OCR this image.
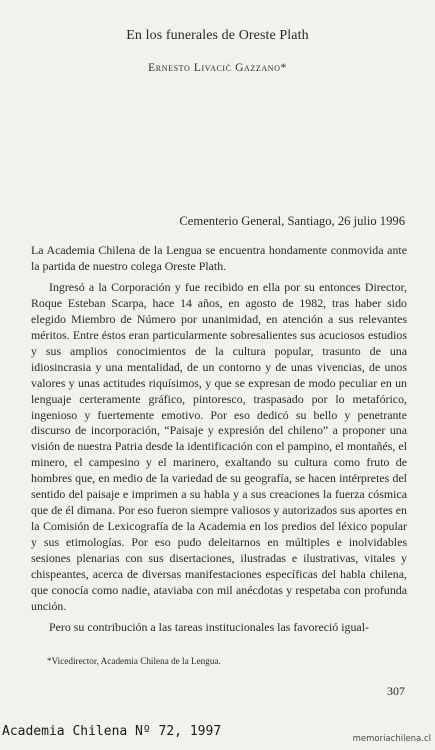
En los funerales de Oreste Plath
Ernesto Livacić Gazzano*
Cementerio General, Santiago, 26 julio 1996

La Academia Chilena de la Lengua se encuentra hondamente conmovida ante la partida de nuestro colega Oreste Plath.

Ingresó a la Corporación y fue recibido en ella por su entonces Director, Roque Esteban Scarpa, hace 14 años, en agosto de 1982, tras haber sido elegido Miembro de Número por unanimidad, en atención a sus relevantes méritos. Entre éstos eran particularmente sobresalientes sus acuciosos estudios y sus amplios conocimientos de la cultura popular, trasunto de una idiosincrasia y una mentalidad, de un contorno y de unas vivencias, de unos valores y unas actitudes riquísimos, y que se expresan de modo peculiar en un lenguaje certeramente gráfico, pintoresco, traspasado por lo metafórico, ingenioso y fuertemente emotivo. Por eso dedicó su bello y penetrante discurso de incorporación, “Paisaje y expresión del chileno” a proponer una visión de nuestra Patria desde la identificación con el pampino, el montañés, el minero, el campesino y el marinero, exaltando su cultura como fruto de hombres que, en medio de la variedad de su geografía, se hacen intérpretes del sentido del paisaje e imprimen a su habla y a sus creaciones la fuerza cósmica que de él dimana. Por eso fueron siempre valiosos y autorizados sus aportes en la Comisión de Lexicografía de la Academia en los predios del léxico popular y sus etimologías. Por eso pudo deleitarnos en múltiples e inolvidables sesiones plenarias con sus disertaciones, ilustradas e ilustrativas, vitales y chispeantes, acerca de diversas manifestaciones específicas del habla chilena, que conocía como nadie, ataviaba con mil anécdotas y respetaba con profunda unción.

Pero su contribución a las tareas institucionales las favoreció igual-

*Vicedirector, Academia Chilena de la Lengua.
307
Academia Chilena Nº 72, 1997	memoriachilena.cl
